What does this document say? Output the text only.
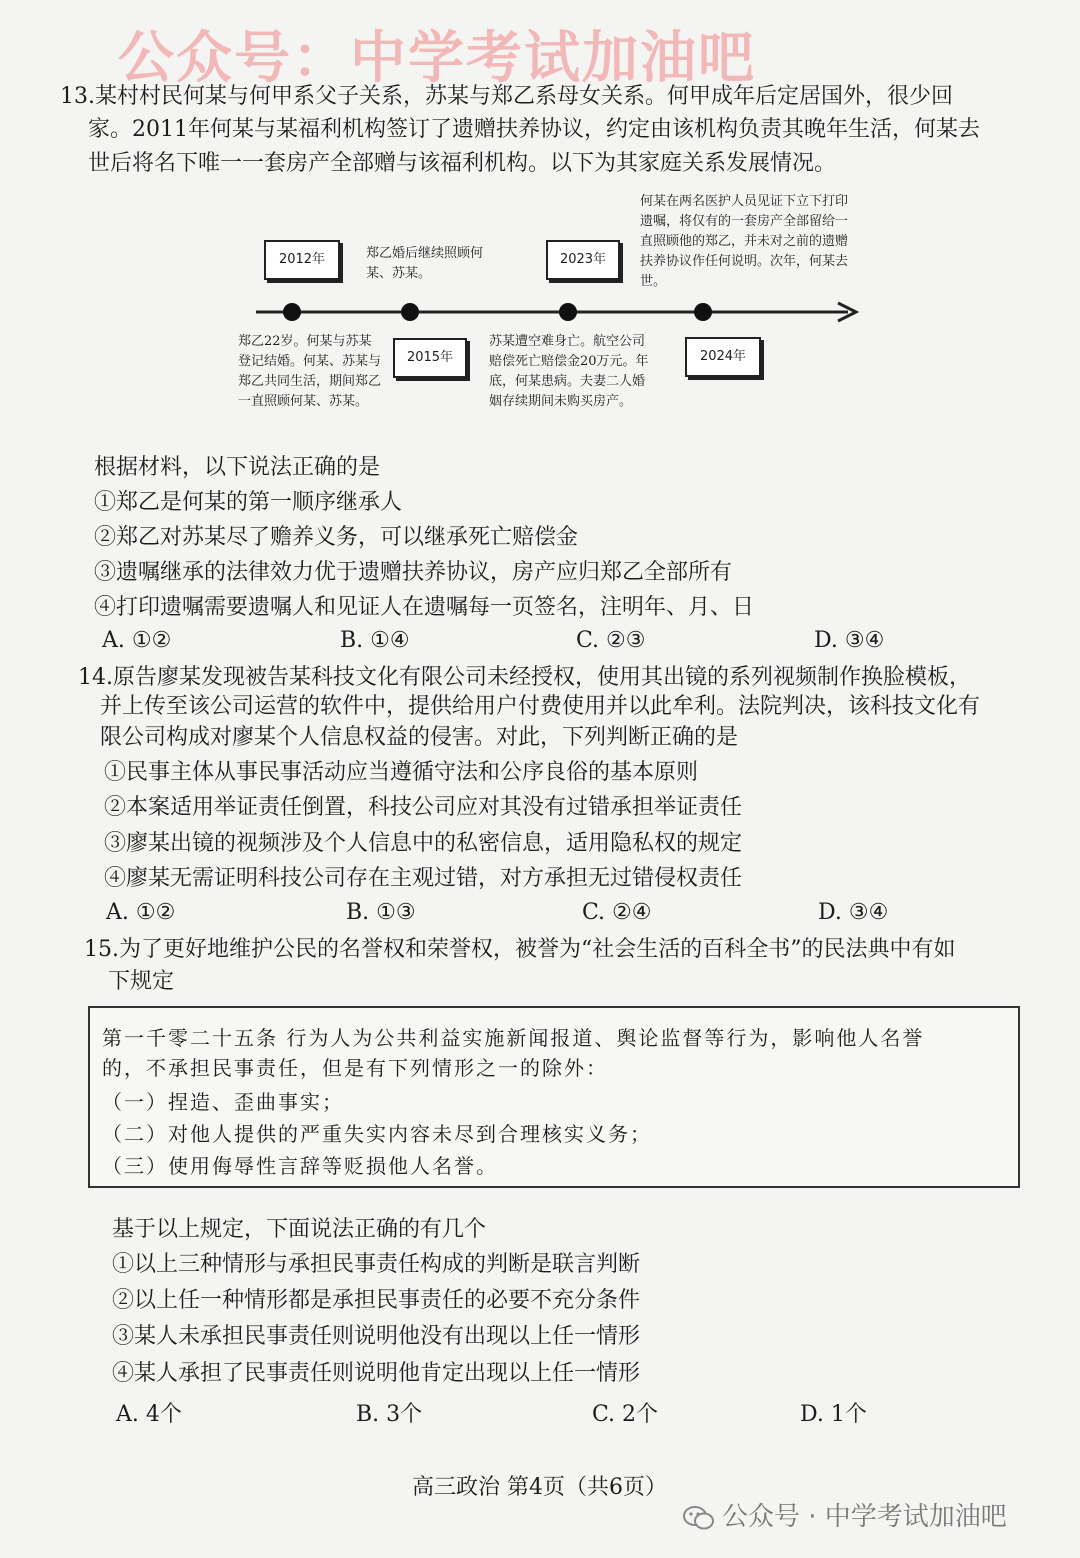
公众号：中学考试加油吧
13.某村村民何某与何甲系父子关系，苏某与郑乙系母女关系。何甲成年后定居国外，很少回
家。2011年何某与某福利机构签订了遗赠扶养协议，约定由该机构负责其晚年生活，何某去
世后将名下唯一一套房产全部赠与该福利机构。以下为其家庭关系发展情况。
2012年
2015年
2023年
2024年
郑乙22岁。何某与苏某登记结婚。何某、苏某与郑乙共同生活，期间郑乙一直照顾何某、苏某。
郑乙婚后继续照顾何某、苏某。
苏某遭空难身亡。航空公司赔偿死亡赔偿金20万元。年底，何某患病。夫妻二人婚姻存续期间未购买房产。
何某在两名医护人员见证下立下打印遗嘱，将仅有的一套房产全部留给一直照顾他的郑乙，并未对之前的遗赠扶养协议作任何说明。次年，何某去世。
根据材料，以下说法正确的是
①郑乙是何某的第一顺序继承人
②郑乙对苏某尽了赡养义务，可以继承死亡赔偿金
③遗嘱继承的法律效力优于遗赠扶养协议，房产应归郑乙全部所有
④打印遗嘱需要遗嘱人和见证人在遗嘱每一页签名，注明年、月、日
A. ①②	B. ①④	C. ②③	D. ③④
14.原告廖某发现被告某科技文化有限公司未经授权，使用其出镜的系列视频制作换脸模板，
并上传至该公司运营的软件中，提供给用户付费使用并以此牟利。法院判决，该科技文化有
限公司构成对廖某个人信息权益的侵害。对此，下列判断正确的是
①民事主体从事民事活动应当遵循守法和公序良俗的基本原则
②本案适用举证责任倒置，科技公司应对其没有过错承担举证责任
③廖某出镜的视频涉及个人信息中的私密信息，适用隐私权的规定
④廖某无需证明科技公司存在主观过错，对方承担无过错侵权责任
A. ①②	B. ①③	C. ②④	D. ③④
15.为了更好地维护公民的名誉权和荣誉权，被誉为“社会生活的百科全书”的民法典中有如
下规定
第一千零二十五条 行为人为公共利益实施新闻报道、舆论监督等行为，影响他人名誉
的，不承担民事责任，但是有下列情形之一的除外：
（一）捏造、歪曲事实；
（二）对他人提供的严重失实内容未尽到合理核实义务；
（三）使用侮辱性言辞等贬损他人名誉。
基于以上规定，下面说法正确的有几个
①以上三种情形与承担民事责任构成的判断是联言判断
②以上任一种情形都是承担民事责任的必要不充分条件
③某人未承担民事责任则说明他没有出现以上任一情形
④某人承担了民事责任则说明他肯定出现以上任一情形
A. 4个	B. 3个	C. 2个	D. 1个
高三政治 第4页（共6页）
公众号 · 中学考试加油吧
